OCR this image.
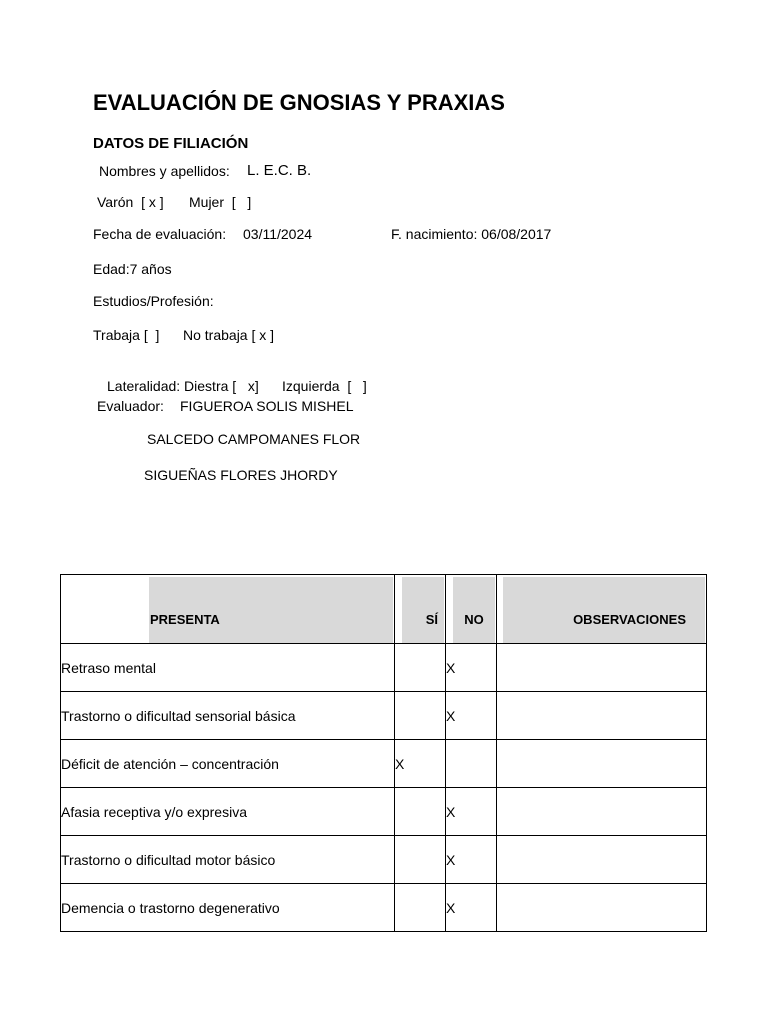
EVALUACIÓN DE GNOSIAS Y PRAXIAS
DATOS DE FILIACIÓN
Nombres y apellidos: L. E.C. B.
Varón  [ x ] Mujer  [   ]
Fecha de evaluación: 03/11/2024	F. nacimiento: 06/08/2017
Edad:7 años
Estudios/Profesión:
Trabaja [  ] No trabaja [ x ]
Lateralidad: Diestra [   x] Izquierda  [   ]
Evaluador: FIGUEROA SOLIS MISHEL
SALCEDO CAMPOMANES FLOR
SIGUEÑAS FLORES JHORDY
PRESENTA	SÍ	NO	OBSERVACIONES

Retraso mental		X	
Trastorno o dificultad sensorial básica		X	
Déficit de atención – concentración	X		
Afasia receptiva y/o expresiva		X	
Trastorno o dificultad motor básico		X	
Demencia o trastorno degenerativo		X	
